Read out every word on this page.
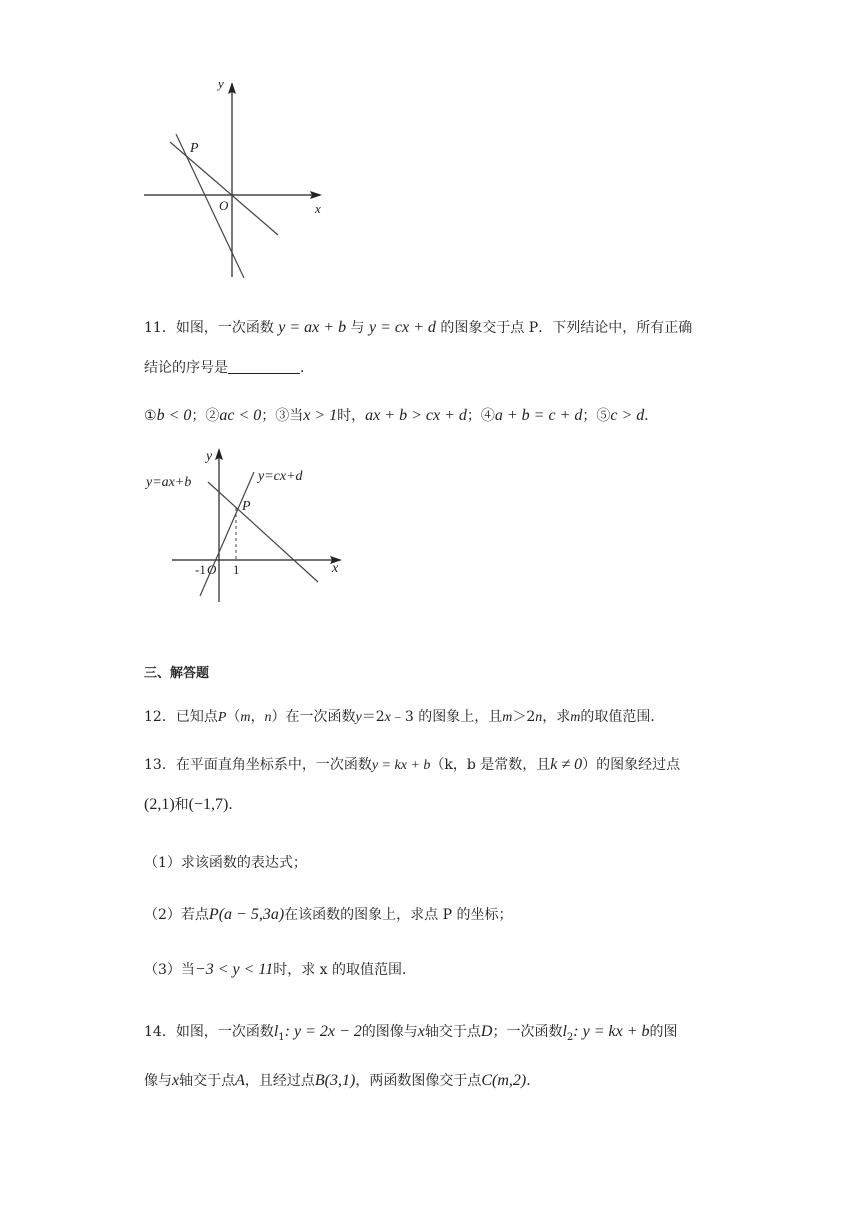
y
x
P
O
11．如图，一次函数 y = ax + b 与 y = cx + d 的图象交于点 P．下列结论中，所有正确
结论的序号是	．
①b < 0；②ac < 0；③当x > 1时，ax + b > cx + d；④a + b = c + d；⑤c > d．
y
x
y=ax+b	y=cx+d
P
-1 O 1
三、解答题
12．已知点P（m，n）在一次函数y＝2x﹣3 的图象上，且m＞2n，求m的取值范围．
13．在平面直角坐标系中，一次函数y = kx + b（k，b 是常数，且k ≠ 0）的图象经过点
(2,1)和(−1,7)．
（1）求该函数的表达式；
（2）若点P(a − 5,3a)在该函数的图象上，求点 P 的坐标；
（3）当−3 < y < 11时，求 x 的取值范围．
14．如图，一次函数$l_1$: y = 2x − 2的图像与x轴交于点D；一次函数$l_2$: y = kx + b的图
像与x轴交于点A，且经过点B(3,1)，两函数图像交于点C(m,2)．
